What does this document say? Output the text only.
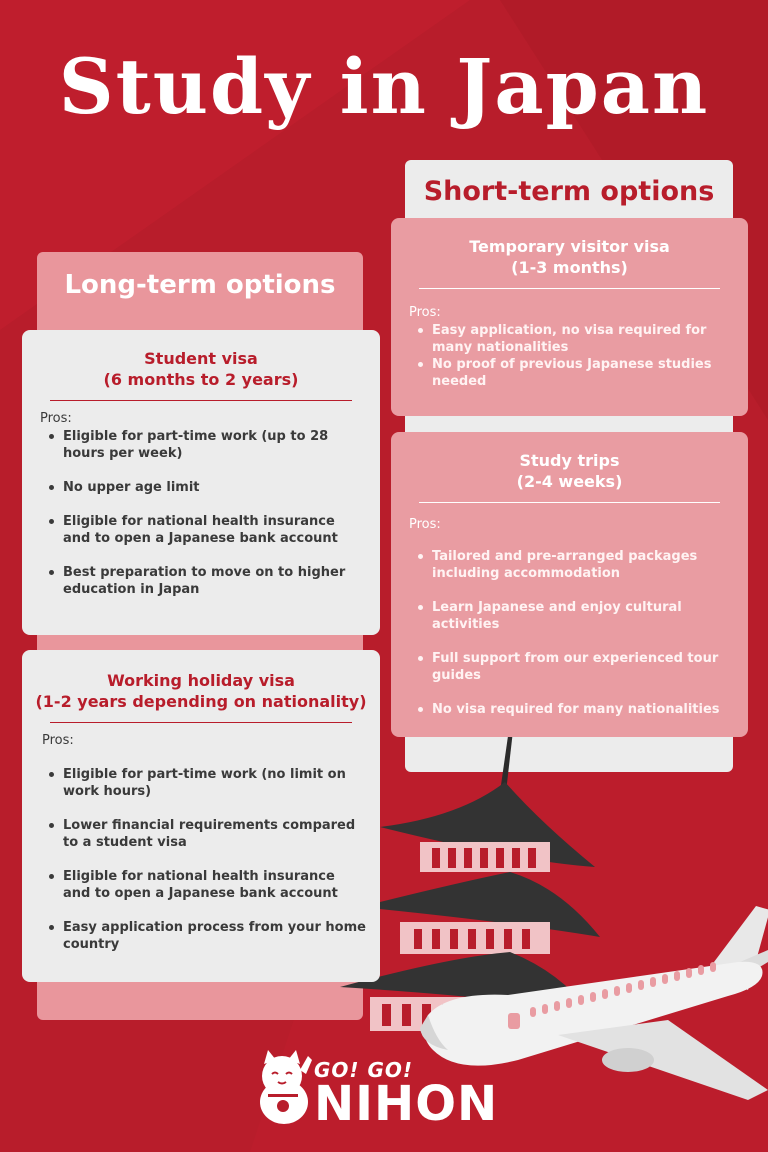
Study in Japan
Long-term options
Short-term options
Student visa
(6 months to 2 years)
Pros:
Eligible for part-time work (up to 28 hours per week)
No upper age limit
Eligible for national health insurance and to open a Japanese bank account
Best preparation to move on to higher education in Japan
Working holiday visa
(1-2 years depending on nationality)
Pros:
Eligible for part-time work (no limit on work hours)
Lower financial requirements compared to a student visa
Eligible for national health insurance and to open a Japanese bank account
Easy application process from your home country
Temporary visitor visa
(1-3 months)
Pros:
Easy application, no visa required for many nationalities
No proof of previous Japanese studies needed
Study trips
(2-4 weeks)
Pros:
Tailored and pre-arranged packages including accommodation
Learn Japanese and enjoy cultural activities
Full support from our experienced tour guides
No visa required for many nationalities
GO! GO!
NIHON
